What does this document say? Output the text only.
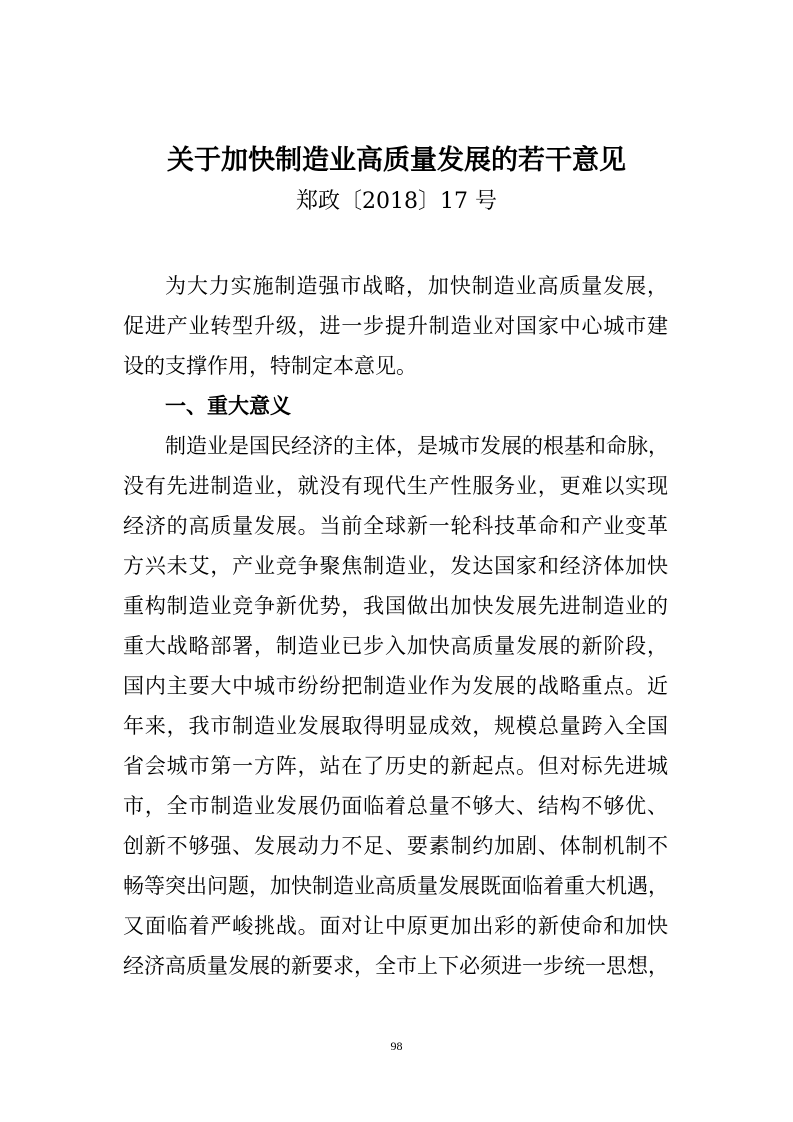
关于加快制造业高质量发展的若干意见
郑政〔2018〕17 号
为大力实施制造强市战略，加快制造业高质量发展，
促进产业转型升级，进一步提升制造业对国家中心城市建
设的支撑作用，特制定本意见。
一、重大意义
制造业是国民经济的主体，是城市发展的根基和命脉，
没有先进制造业，就没有现代生产性服务业，更难以实现
经济的高质量发展。当前全球新一轮科技革命和产业变革
方兴未艾，产业竞争聚焦制造业，发达国家和经济体加快
重构制造业竞争新优势，我国做出加快发展先进制造业的
重大战略部署，制造业已步入加快高质量发展的新阶段，
国内主要大中城市纷纷把制造业作为发展的战略重点。近
年来，我市制造业发展取得明显成效，规模总量跨入全国
省会城市第一方阵，站在了历史的新起点。但对标先进城
市，全市制造业发展仍面临着总量不够大、结构不够优、
创新不够强、发展动力不足、要素制约加剧、体制机制不
畅等突出问题，加快制造业高质量发展既面临着重大机遇，
又面临着严峻挑战。面对让中原更加出彩的新使命和加快
经济高质量发展的新要求，全市上下必须进一步统一思想，
98
